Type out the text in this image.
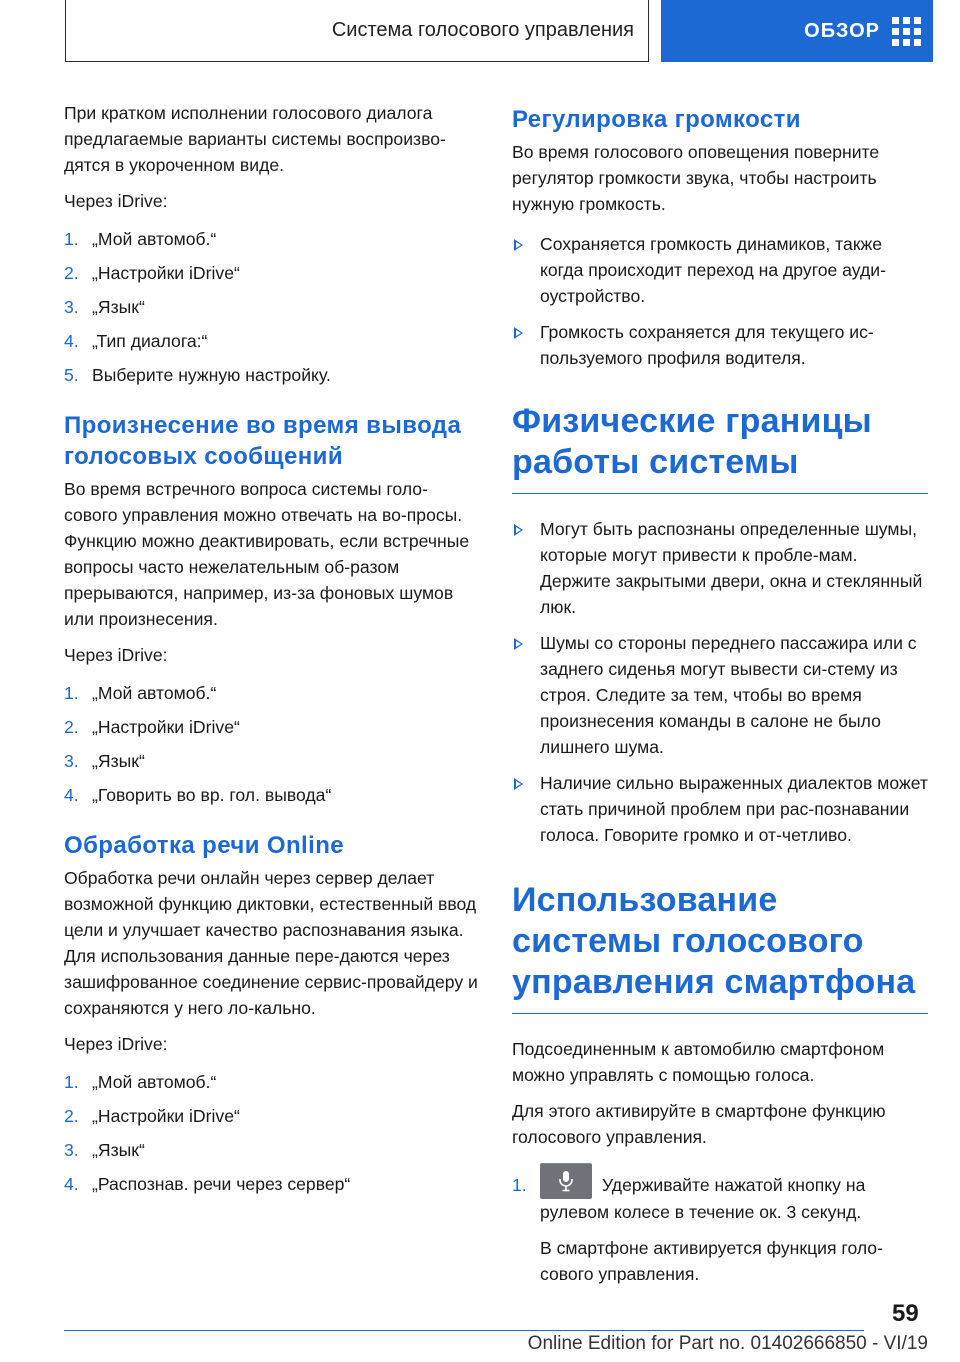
Система голосового управления	ОБЗОР

При кратком исполнении голосового диалога предлагаемые варианты системы воспроизво-дятся в укороченном виде.

Через iDrive:

1. „Мой автомоб.“
2. „Настройки iDrive“
3. „Язык“
4. „Тип диалога:“
5. Выберите нужную настройку.
Произнесение во время вывода голосовых сообщений

Во время встречного вопроса системы голо-сового управления можно отвечать на во-просы. Функцию можно деактивировать, если встречные вопросы часто нежелательным об-разом прерываются, например, из-за фоновых шумов или произнесения.

Через iDrive:

1. „Мой автомоб.“
2. „Настройки iDrive“
3. „Язык“
4. „Говорить во вр. гол. вывода“
Обработка речи Online

Обработка речи онлайн через сервер делает возможной функцию диктовки, естественный ввод цели и улучшает качество распознавания языка. Для использования данные пере-даются через зашифрованное соединение сервис-провайдеру и сохраняются у него ло-кально.

Через iDrive:

1. „Мой автомоб.“
2. „Настройки iDrive“
3. „Язык“
4. „Распознав. речи через сервер“
Регулировка громкости

Во время голосового оповещения поверните регулятор громкости звука, чтобы настроить нужную громкость.

Сохраняется громкость динамиков, также когда происходит переход на другое ауди-оустройство.
Громкость сохраняется для текущего ис-пользуемого профиля водителя.
Физические границы работы системы
Могут быть распознаны определенные шумы, которые могут привести к пробле-мам. Держите закрытыми двери, окна и стеклянный люк.
Шумы со стороны переднего пассажира или с заднего сиденья могут вывести си-стему из строя. Следите за тем, чтобы во время произнесения команды в салоне не было лишнего шума.
Наличие сильно выраженных диалектов может стать причиной проблем при рас-познавании голоса. Говорите громко и от-четливо.
Использование системы голосового управления смартфона

Подсоединенным к автомобилю смартфоном можно управлять с помощью голоса.

Для этого активируйте в смартфоне функцию голосового управления.

1.	Удерживайте нажатой кнопку на рулевом колесе в течение ок. 3 секунд.

В смартфоне активируется функция голо-сового управления.

59
Online Edition for Part no. 01402666850 - VI/19
